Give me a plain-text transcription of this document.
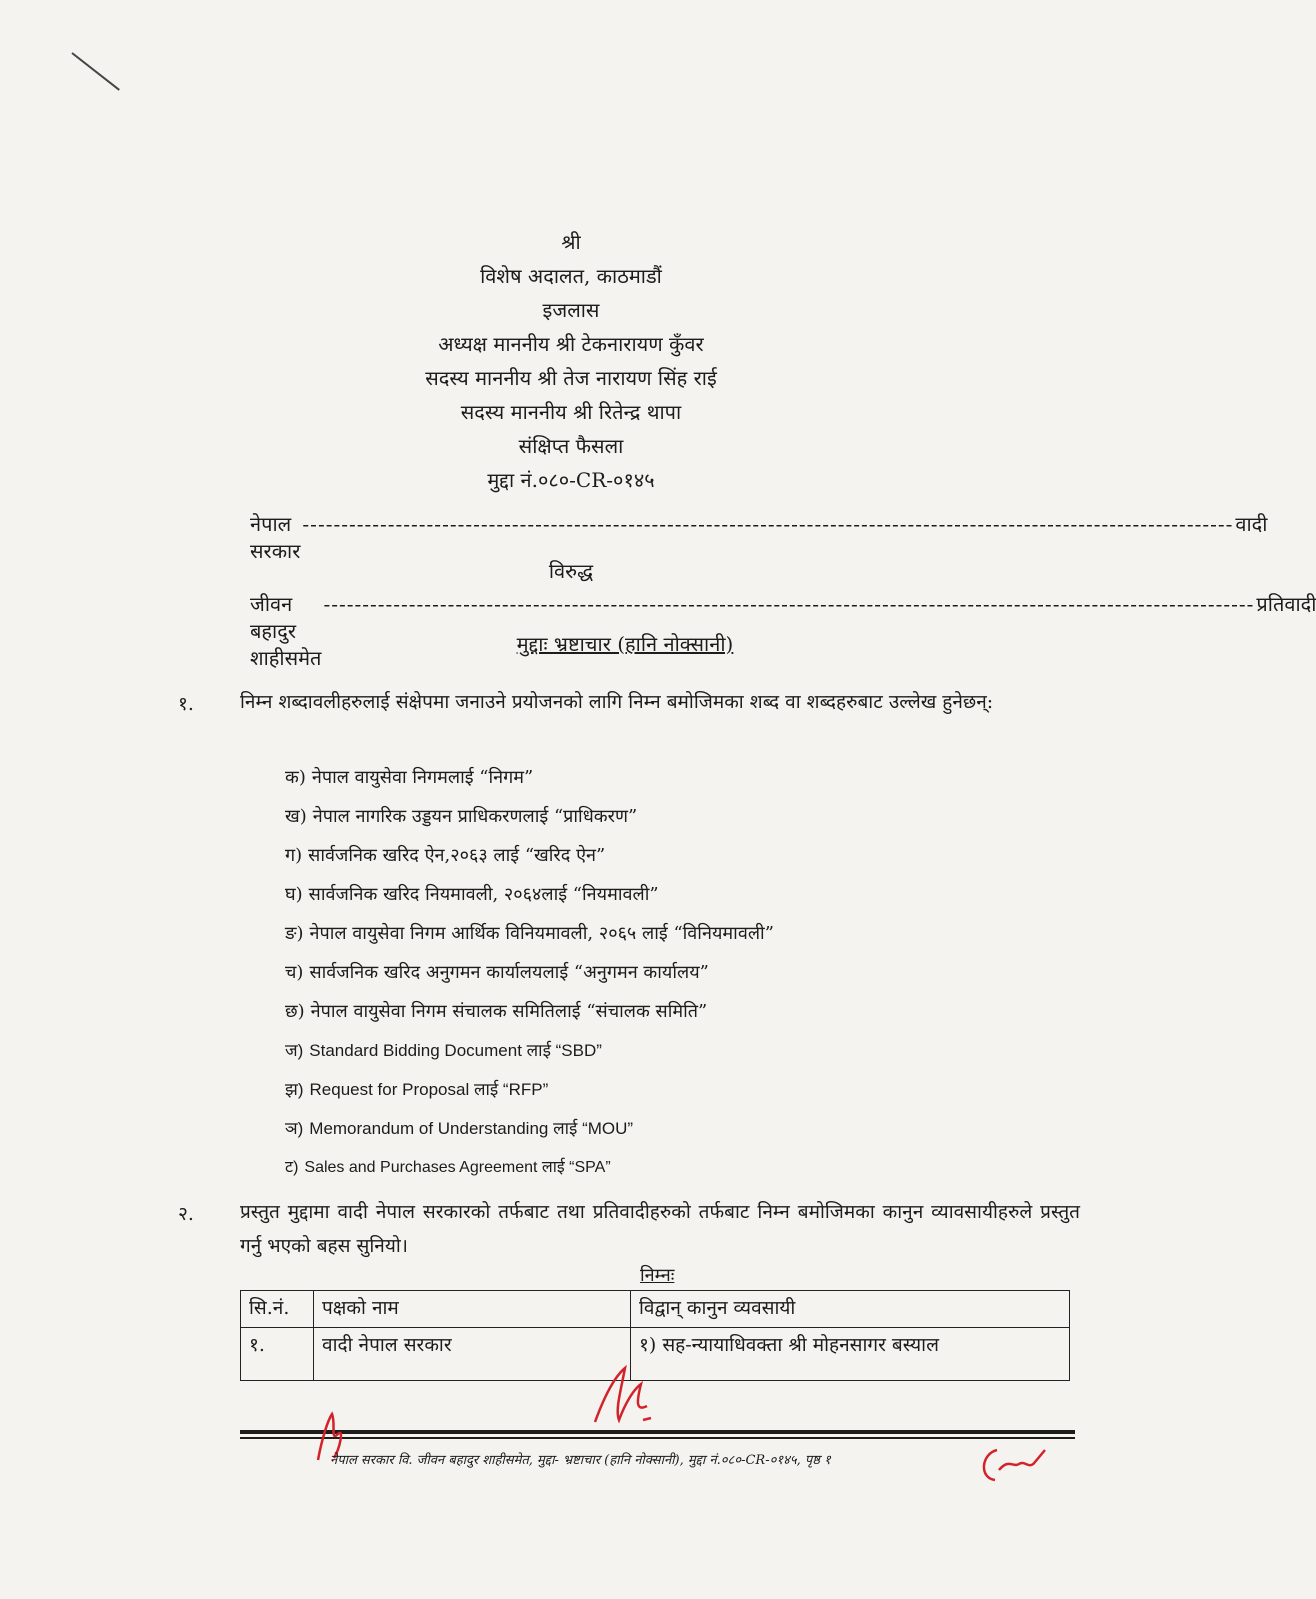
श्री
विशेष अदालत, काठमाडौं
इजलास
अध्यक्ष माननीय श्री टेकनारायण कुँवर
सदस्य माननीय श्री तेज नारायण सिंह राई
सदस्य माननीय श्री रितेन्द्र थापा
संक्षिप्त फैसला
मुद्दा नं.०८०-CR-०१४५
नेपाल सरकार
------------------------------------------------------------------------------------------------------------------------ वादी
विरुद्ध
जीवन बहादुर शाहीसमेत
------------------------------------------------------------------------------------------------------------------------ प्रतिवादी
मुद्दाः भ्रष्टाचार (हानि नोक्सानी)
१. निम्न शब्दावलीहरुलाई संक्षेपमा जनाउने प्रयोजनको लागि निम्न बमोजिमका शब्द वा शब्दहरुबाट उल्लेख हुनेछन्:
क) नेपाल वायुसेवा निगमलाई “निगम”
ख) नेपाल नागरिक उड्डयन प्राधिकरणलाई “प्राधिकरण”
ग) सार्वजनिक खरिद ऐन,२०६३ लाई “खरिद ऐन”
घ) सार्वजनिक खरिद नियमावली, २०६४लाई “नियमावली”
ङ) नेपाल वायुसेवा निगम आर्थिक विनियमावली, २०६५ लाई “विनियमावली”
च) सार्वजनिक खरिद अनुगमन कार्यालयलाई “अनुगमन कार्यालय”
छ) नेपाल वायुसेवा निगम संचालक समितिलाई “संचालक समिति”
ज) Standard Bidding Document लाई “SBD”
झ) Request for Proposal लाई “RFP”
ञ) Memorandum of Understanding लाई “MOU”
ट) Sales and Purchases Agreement लाई “SPA”
२. प्रस्तुत मुद्दामा वादी नेपाल सरकारको तर्फबाट तथा प्रतिवादीहरुको तर्फबाट निम्न बमोजिमका कानुन व्यावसायीहरुले प्रस्तुत गर्नु भएको बहस सुनियो।
निम्नः
सि.नं.	पक्षको नाम	विद्वान् कानुन व्यवसायी
१.	वादी नेपाल सरकार	१) सह-न्यायाधिवक्ता श्री मोहनसागर बस्याल
नेपाल सरकार वि. जीवन बहादुर शाहीसमेत, मुद्दा- भ्रष्टाचार (हानि नोक्सानी), मुद्दा नं.०८०-CR-०१४५, पृष्ठ १
